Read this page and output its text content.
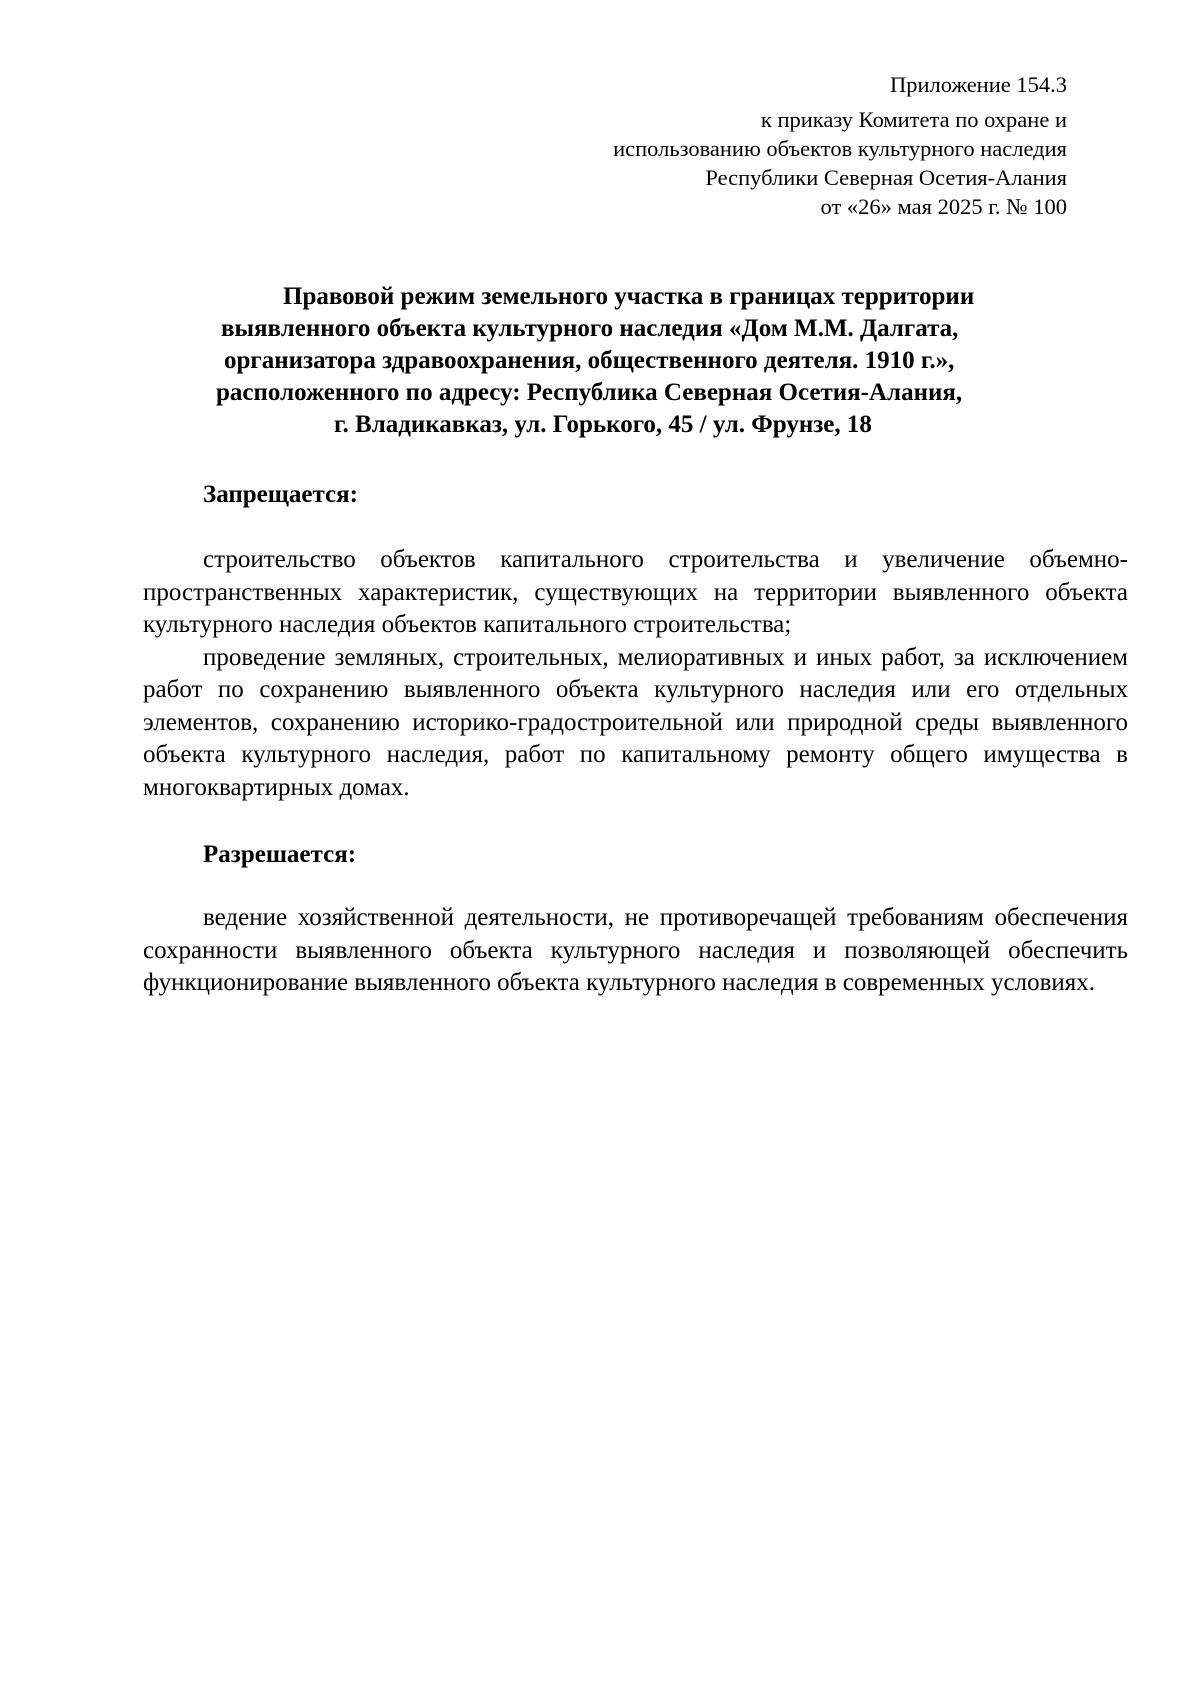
Приложение 154.3
к приказу Комитета по охране и
использованию объектов культурного наследия
Республики Северная Осетия-Алания
от «26» мая 2025 г. № 100
Правовой режим земельного участка в границах территории
выявленного объекта культурного наследия «Дом М.М. Далгата,
организатора здравоохранения, общественного деятеля. 1910 г.»,
расположенного по адресу: Республика Северная Осетия-Алания,
г. Владикавказ, ул. Горького, 45 / ул. Фрунзе, 18
Запрещается:

строительство объектов капитального строительства и увеличение объемно-пространственных характеристик, существующих на территории выявленного объекта культурного наследия объектов капитального строительства;

проведение земляных, строительных, мелиоративных и иных работ, за исключением работ по сохранению выявленного объекта культурного наследия или его отдельных элементов, сохранению историко-градостроительной или природной среды выявленного объекта культурного наследия, работ по капитальному ремонту общего имущества в многоквартирных домах.

Разрешается:

ведение хозяйственной деятельности, не противоречащей требованиям обеспечения сохранности выявленного объекта культурного наследия и позволяющей обеспечить функционирование выявленного объекта культурного наследия в современных условиях.
